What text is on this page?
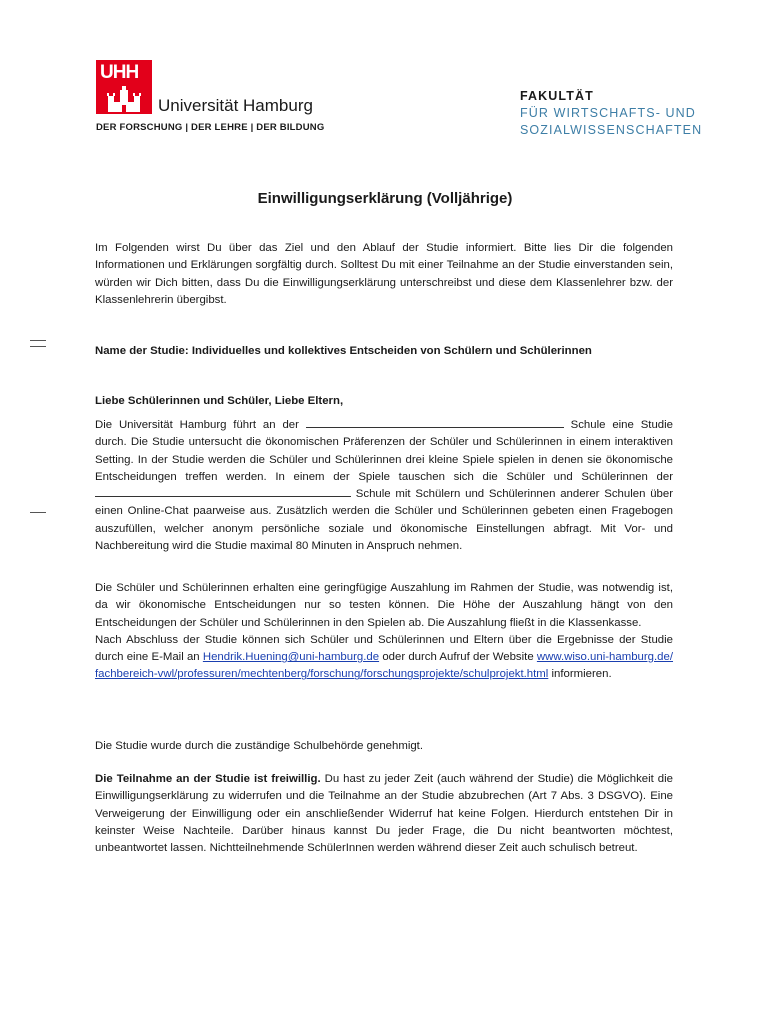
UHH
Universität Hamburg
DER FORSCHUNG | DER LEHRE | DER BILDUNG
FAKULTÄT
FÜR WIRTSCHAFTS- UND
SOZIALWISSENSCHAFTEN
Einwilligungserklärung (Volljährige)
Im Folgenden wirst Du über das Ziel und den Ablauf der Studie informiert. Bitte lies Dir die folgenden Informationen und Erklärungen sorgfältig durch. Solltest Du mit einer Teilnahme an der Studie einverstanden sein, würden wir Dich bitten, dass Du die Einwilligungserklärung unterschreibst und diese dem Klassenlehrer bzw. der Klassenlehrerin übergibst.
Name der Studie: Individuelles und kollektives Entscheiden von Schülern und Schülerinnen
Liebe Schülerinnen und Schüler, Liebe Eltern,
Die Universität Hamburg führt an der	Schule eine Studie durch. Die Studie untersucht die ökonomischen Präferenzen der Schüler und Schülerinnen in einem interaktiven Setting. In der Studie werden die Schüler und Schülerinnen drei kleine Spiele spielen in denen sie ökonomische Entscheidungen treffen werden. In einem der Spiele tauschen sich die Schüler und Schülerinnen der  Schule mit Schülern und Schülerinnen anderer Schulen über einen Online-Chat paarweise aus. Zusätzlich werden die Schüler und Schülerinnen gebeten einen Fragebogen auszufüllen, welcher anonym persönliche soziale und ökonomische Einstellungen abfragt. Mit Vor- und Nachbereitung wird die Studie maximal 80 Minuten in Anspruch nehmen.
Die Schüler und Schülerinnen erhalten eine geringfügige Auszahlung im Rahmen der Studie, was notwendig ist, da wir ökonomische Entscheidungen nur so testen können. Die Höhe der Auszahlung hängt von den Entscheidungen der Schüler und Schülerinnen in den Spielen ab. Die Auszahlung fließt in die Klassenkasse.
Nach Abschluss der Studie können sich Schüler und Schülerinnen und Eltern über die Ergebnisse der Studie durch eine E-Mail an Hendrik.Huening@uni-hamburg.de oder durch Aufruf der Website www.wiso.uni-hamburg.de/fachbereich-vwl/professuren/mechtenberg/forschung/forschungsprojekte/schulprojekt.html informieren.
Die Studie wurde durch die zuständige Schulbehörde genehmigt.
Die Teilnahme an der Studie ist freiwillig. Du hast zu jeder Zeit (auch während der Studie) die Möglichkeit die Einwilligungserklärung zu widerrufen und die Teilnahme an der Studie abzubrechen (Art 7 Abs. 3 DSGVO). Eine Verweigerung der Einwilligung oder ein anschließender Widerruf hat keine Folgen. Hierdurch entstehen Dir in keinster Weise Nachteile. Darüber hinaus kannst Du jeder Frage, die Du nicht beantworten möchtest, unbeantwortet lassen. Nichtteilnehmende SchülerInnen werden während dieser Zeit auch schulisch betreut.
